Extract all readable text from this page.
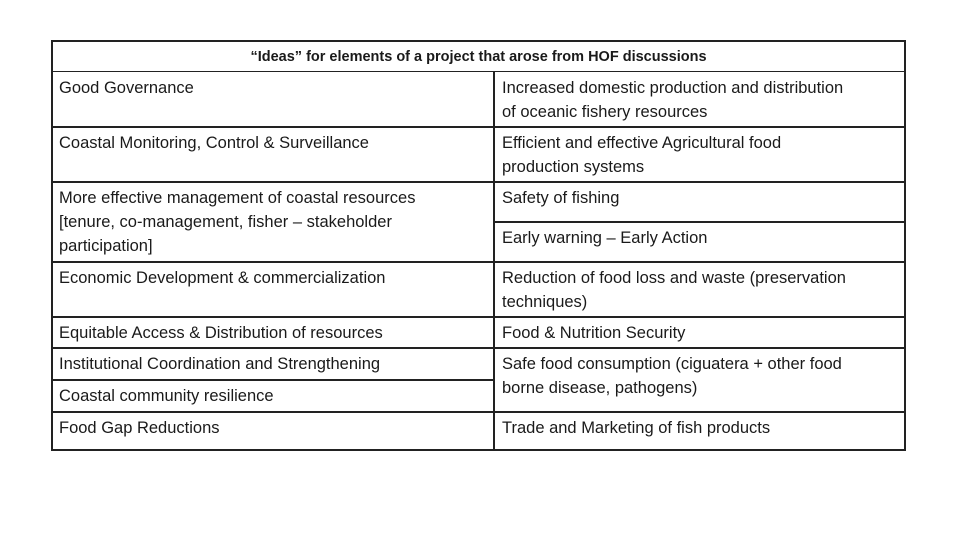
“Ideas” for elements of a project that arose from HOF discussions
Good Governance
Coastal Monitoring, Control & Surveillance
More effective management of coastal resources
[tenure, co-management, fisher – stakeholder
participation]
Economic Development & commercialization
Equitable Access & Distribution of resources
Institutional Coordination and Strengthening
Coastal community resilience
Food Gap Reductions
Increased domestic production and distribution
of oceanic fishery resources
Efficient and effective Agricultural food
production systems
Safety of fishing
Early warning – Early Action
Reduction of food loss and waste (preservation
techniques)
Food & Nutrition Security
Safe food consumption (ciguatera + other food
borne disease, pathogens)
Trade and Marketing of fish products
